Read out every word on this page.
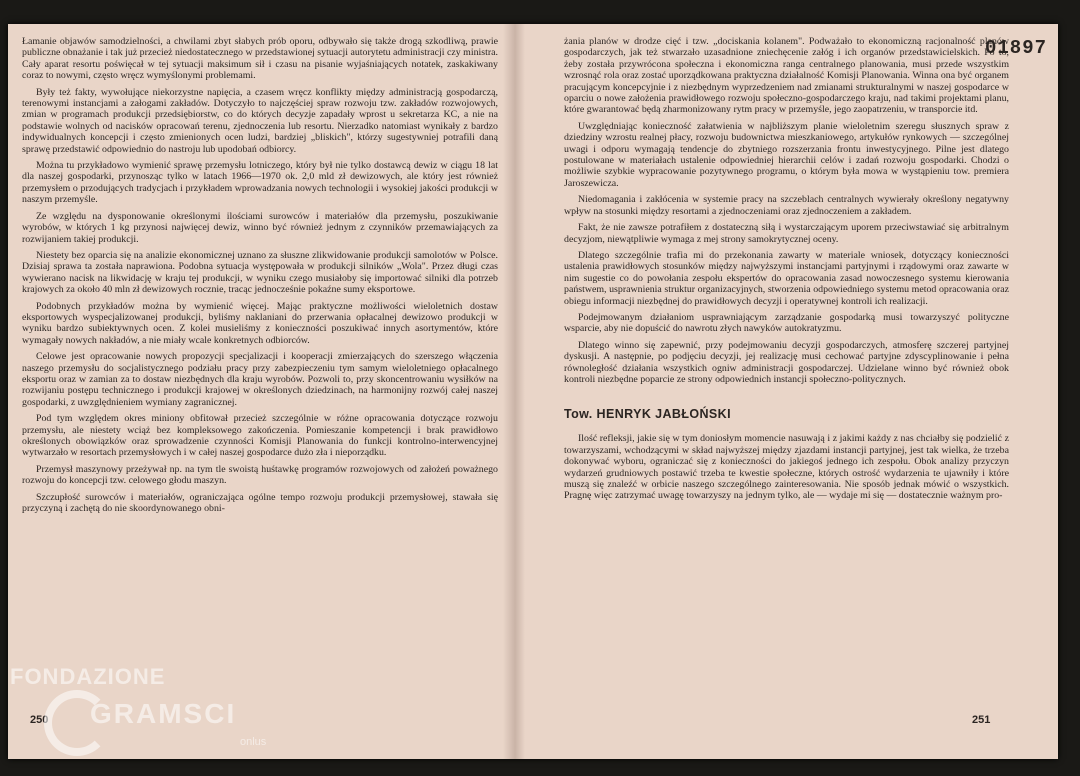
Łamanie objawów samodzielności, a chwilami zbyt słabych prób oporu, odbywało się także drogą szkodliwą, prawie publiczne obnażanie i tak już przecież niedostatecznego w przedstawionej sytuacji autorytetu administracji czy ministra. Cały aparat resortu poświęcał w tej sytuacji maksimum sił i czasu na pisanie wyjaśniających notatek, zaskakiwany coraz to nowymi, często wręcz wymyślonymi problemami.

Były też fakty, wywołujące niekorzystne napięcia, a czasem wręcz konflikty między administracją gospodarczą, terenowymi instancjami a załogami zakładów. Dotyczyło to najczęściej spraw rozwoju tzw. zakładów rozwojowych, zmian w programach produkcji przedsiębiorstw, co do których decyzje zapadały wprost u sekretarza KC, a nie na podstawie wolnych od nacisków opracowań terenu, zjednoczenia lub resortu. Nierzadko natomiast wynikały z bardzo indywidualnych koncepcji i często zmienionych ocen ludzi, bardziej „bliskich", którzy sugestywniej potrafili daną sprawę przedstawić odpowiednio do nastroju lub upodobań odbiorcy.

Można tu przykładowo wymienić sprawę przemysłu lotniczego, który był nie tylko dostawcą dewiz w ciągu 18 lat dla naszej gospodarki, przynosząc tylko w latach 1966—1970 ok. 2,0 mld zł dewizowych, ale który jest również przemysłem o przodujących tradycjach i przykładem wprowadzania nowych technologii i wysokiej jakości produkcji w naszym przemyśle.

Ze względu na dysponowanie określonymi ilościami surowców i materiałów dla przemysłu, poszukiwanie wyrobów, w których 1 kg przynosi najwięcej dewiz, winno być również jednym z czynników przemawiających za rozwijaniem takiej produkcji.

Niestety bez oparcia się na analizie ekonomicznej uznano za słuszne zlikwidowanie produkcji samolotów w Polsce. Dzisiaj sprawa ta została naprawiona. Podobna sytuacja występowała w produkcji silników „Wola". Przez długi czas wywierano nacisk na likwidację w kraju tej produkcji, w wyniku czego musiałoby się importować silniki dla potrzeb krajowych za około 40 mln zł dewizowych rocznie, tracąc jednocześnie pokaźne sumy eksportowe.

Podobnych przykładów można by wymienić więcej. Mając praktyczne możliwości wieloletnich dostaw eksportowych wyspecjalizowanej produkcji, byliśmy naklaniani do przerwania opłacalnej dewizowo produkcji w wyniku bardzo subiektywnych ocen. Z kolei musieliśmy z konieczności poszukiwać innych asortymentów, które wymagały nowych nakładów, a nie miały wcale konkretnych odbiorców.

Celowe jest opracowanie nowych propozycji specjalizacji i kooperacji zmierzających do szerszego włączenia naszego przemysłu do socjalistycznego podziału pracy przy zabezpieczeniu tym samym wieloletniego opłacalnego eksportu oraz w zamian za to dostaw niezbędnych dla kraju wyrobów. Pozwoli to, przy skoncentrowaniu wysiłków na rozwijaniu postępu technicznego i produkcji krajowej w określonych dziedzinach, na harmonijny rozwój całej naszej gospodarki, z uwzględnieniem wymiany zagranicznej.

Pod tym względem okres miniony obfitował przecież szczególnie w różne opracowania dotyczące rozwoju przemysłu, ale niestety wciąż bez kompleksowego zakończenia. Pomieszanie kompetencji i brak prawidłowo określonych obowiązków oraz sprowadzenie czynności Komisji Planowania do funkcji kontrolno-interwencyjnej wytwarzało w resortach przemysłowych i w całej naszej gospodarce dużo zła i nieporządku.

Przemysł maszynowy przeżywał np. na tym tle swoistą huśtawkę programów rozwojowych od założeń poważnego rozwoju do koncepcji tzw. celowego głodu maszyn.

Szczupłość surowców i materiałów, ograniczająca ogólne tempo rozwoju produkcji przemysłowej, stawała się przyczyną i zachętą do nie skoordynowanego obni-

żania planów w drodze cięć i tzw. „dociskania kolanem". Podważało to ekonomiczną racjonalność planów gospodarczych, jak też stwarzało uzasadnione zniechęcenie załóg i ich organów przedstawicielskich. Po to, żeby została przywrócona społeczna i ekonomiczna ranga centralnego planowania, musi przede wszystkim wzrosnąć rola oraz zostać uporządkowana praktyczna działalność Komisji Planowania. Winna ona być organem pracującym koncepcyjnie i z niezbędnym wyprzedzeniem nad zmianami strukturalnymi w naszej gospodarce w oparciu o nowe założenia prawidłowego rozwoju społeczno-gospodarczego kraju, nad takimi projektami planu, które gwarantować będą zharmonizowany rytm pracy w przemyśle, jego zaopatrzeniu, w transporcie itd.

Uwzględniając konieczność załatwienia w najbliższym planie wieloletnim szeregu słusznych spraw z dziedziny wzrostu realnej płacy, rozwoju budownictwa mieszkaniowego, artykułów rynkowych — szczególnej uwagi i odporu wymagają tendencje do zbytniego rozszerzania frontu inwestycyjnego. Pilne jest dlatego postulowane w materiałach ustalenie odpowiedniej hierarchii celów i zadań rozwoju gospodarki. Chodzi o możliwie szybkie wypracowanie pozytywnego programu, o którym była mowa w wystąpieniu tow. premiera Jaroszewicza.

Niedomagania i zakłócenia w systemie pracy na szczeblach centralnych wywierały określony negatywny wpływ na stosunki między resortami a zjednoczeniami oraz zjednoczeniem a zakładem.

Fakt, że nie zawsze potrafiłem z dostateczną siłą i wystarczającym uporem przeciwstawiać się arbitralnym decyzjom, niewątpliwie wymaga z mej strony samokrytycznej oceny.

Dlatego szczególnie trafia mi do przekonania zawarty w materiale wniosek, dotyczący konieczności ustalenia prawidłowych stosunków między najwyższymi instancjami partyjnymi i rządowymi oraz zawarte w nim sugestie co do powołania zespołu ekspertów do opracowania zasad nowoczesnego systemu kierowania państwem, usprawnienia struktur organizacyjnych, stworzenia odpowiedniego systemu metod opracowania oraz obiegu informacji niezbędnej do prawidłowych decyzji i operatywnej kontroli ich realizacji.

Podejmowanym działaniom usprawniającym zarządzanie gospodarką musi towarzyszyć polityczne wsparcie, aby nie dopuścić do nawrotu złych nawyków autokratyzmu.

Dlatego winno się zapewnić, przy podejmowaniu decyzji gospodarczych, atmosferę szczerej partyjnej dyskusji. A następnie, po podjęciu decyzji, jej realizację musi cechować partyjne zdyscyplinowanie i pełna równoległość działania wszystkich ogniw administracji gospodarczej. Udzielane winno być również obok kontroli niezbędne poparcie ze strony odpowiednich instancji społeczno-politycznych.

Tow. HENRYK JABŁOŃSKI

Ilość refleksji, jakie się w tym doniosłym momencie nasuwają i z jakimi każdy z nas chciałby się podzielić z towarzyszami, wchodzącymi w skład najwyższej między zjazdami instancji partyjnej, jest tak wielka, że trzeba dokonywać wyboru, ograniczać się z konieczności do jakiegoś jednego ich zespołu. Obok analizy przyczyn wydarzeń grudniowych postawić trzeba te kwestie społeczne, których ostrość wydarzenia te ujawniły i które muszą się znaleźć w orbicie naszego szczególnego zainteresowania. Nie sposób jednak mówić o wszystkich. Pragnę więc zatrzymać uwagę towarzyszy na jednym tylko, ale — wydaje mi się — dostatecznie ważnym pro-

250	251
01897
FONDAZIONE
GRAMSCI
onlus
